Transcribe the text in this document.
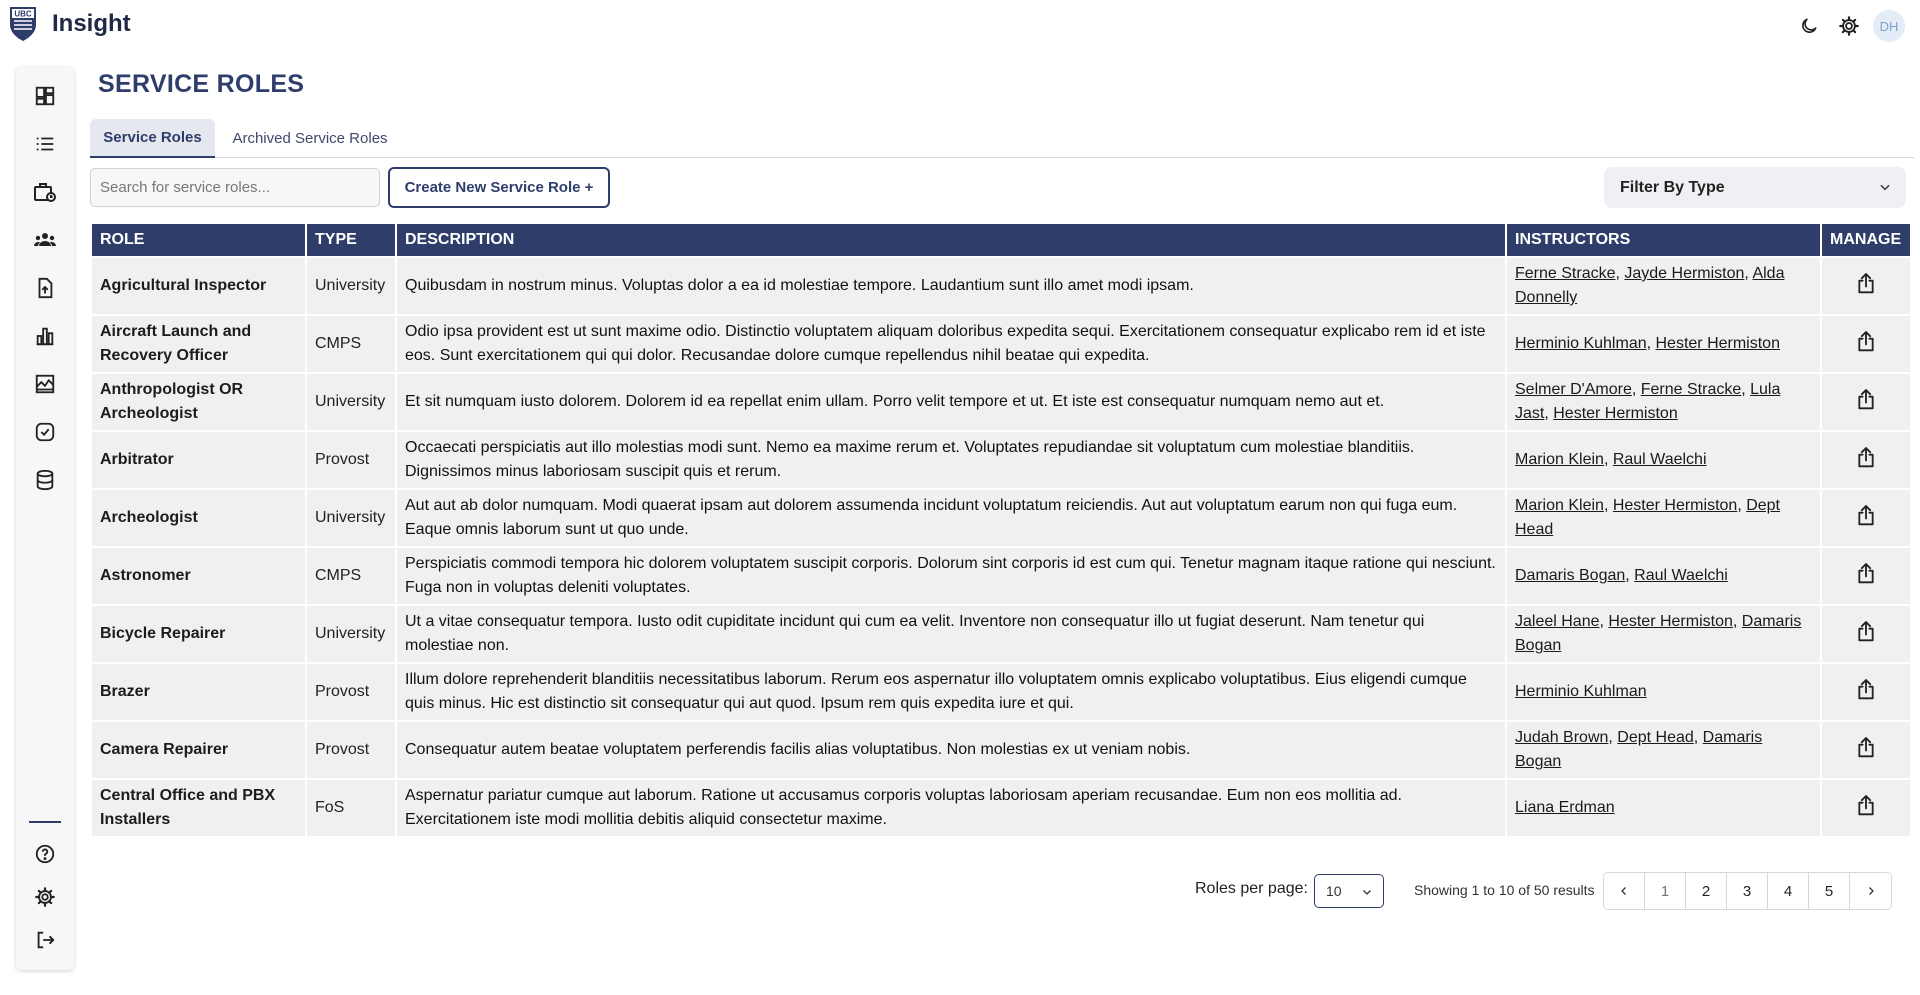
UBC Insight	DH
SERVICE ROLES
Service Roles	Archived Service Roles
Search for service roles...
Create New Service Role +	Filter By Type
ROLE	TYPE	DESCRIPTION	INSTRUCTORS	MANAGE
Agricultural Inspector	University	Quibusdam in nostrum minus. Voluptas dolor a ea id molestiae tempore. Laudantium sunt illo amet modi ipsam.	Ferne Stracke, Jayde Hermiston, Alda Donnelly	

Aircraft Launch and Recovery Officer	CMPS	Odio ipsa provident est ut sunt maxime odio. Distinctio voluptatem aliquam doloribus expedita sequi. Exercitationem consequatur explicabo rem id et iste eos. Sunt exercitationem qui qui dolor. Recusandae dolore cumque repellendus nihil beatae qui expedita.	Herminio Kuhlman, Hester Hermiston	

Anthropologist OR Archeologist	University	Et sit numquam iusto dolorem. Dolorem id ea repellat enim ullam. Porro velit tempore et ut. Et iste est consequatur numquam nemo aut et.	Selmer D'Amore, Ferne Stracke, Lula Jast, Hester Hermiston	

Arbitrator	Provost	Occaecati perspiciatis aut illo molestias modi sunt. Nemo ea maxime rerum et. Voluptates repudiandae sit voluptatum cum molestiae blanditiis. Dignissimos minus laboriosam suscipit quis et rerum.	Marion Klein, Raul Waelchi	

Archeologist	University	Aut aut ab dolor numquam. Modi quaerat ipsam aut dolorem assumenda incidunt voluptatum reiciendis. Aut aut voluptatum earum non qui fuga eum. Eaque omnis laborum sunt ut quo unde.	Marion Klein, Hester Hermiston, Dept Head	

Astronomer	CMPS	Perspiciatis commodi tempora hic dolorem voluptatem suscipit corporis. Dolorum sint corporis id est cum qui. Tenetur magnam itaque ratione qui nesciunt. Fuga non in voluptas deleniti voluptates.	Damaris Bogan, Raul Waelchi	

Bicycle Repairer	University	Ut a vitae consequatur tempora. Iusto odit cupiditate incidunt qui cum ea velit. Inventore non consequatur illo ut fugiat deserunt. Nam tenetur qui molestiae non.	Jaleel Hane, Hester Hermiston, Damaris Bogan	

Brazer	Provost	Illum dolore reprehenderit blanditiis necessitatibus laborum. Rerum eos aspernatur illo voluptatem omnis explicabo voluptatibus. Eius eligendi cumque quis minus. Hic est distinctio sit consequatur qui aut quod. Ipsum rem quis expedita iure et qui.	Herminio Kuhlman	

Camera Repairer	Provost	Consequatur autem beatae voluptatem perferendis facilis alias voluptatibus. Non molestias ex ut veniam nobis.	Judah Brown, Dept Head, Damaris Bogan	

Central Office and PBX Installers	FoS	Aspernatur pariatur cumque aut laborum. Ratione ut accusamus corporis voluptas laboriosam aperiam recusandae. Eum non eos mollitia ad. Exercitationem iste modi mollitia debitis aliquid consectetur maxime.	Liana Erdman	
Roles per page: 10	Showing 1 to 10 of 50 results	1	2	3	4	5
